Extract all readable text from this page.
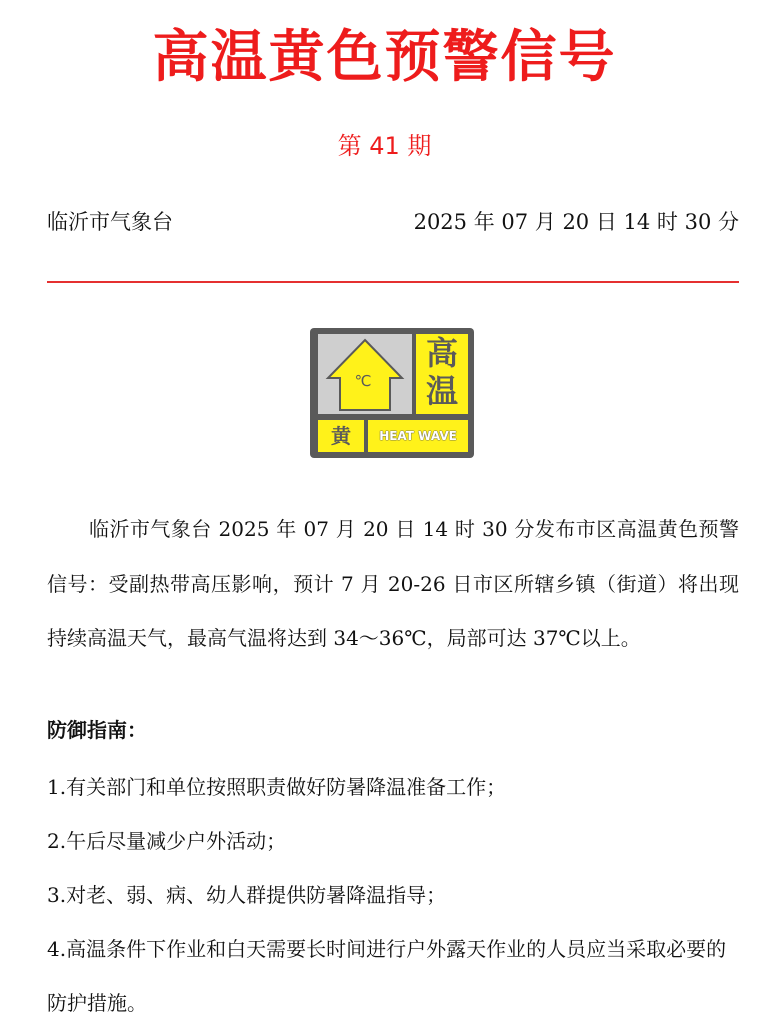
高温黄色预警信号
第 41 期
临沂市气象台	2025 年 07 月 20 日 14 时 30 分
℃
高
温
黄	HEAT WAVE

临沂市气象台 2025 年 07 月 20 日 14 时 30 分发布市区高温黄色预警信号：受副热带高压影响，预计 7 月 20-26 日市区所辖乡镇（街道）将出现持续高温天气，最高气温将达到 34～36℃，局部可达 37℃以上。

防御指南：
1.有关部门和单位按照职责做好防暑降温准备工作；
2.午后尽量减少户外活动；
3.对老、弱、病、幼人群提供防暑降温指导；
4.高温条件下作业和白天需要长时间进行户外露天作业的人员应当采取必要的防护措施。
